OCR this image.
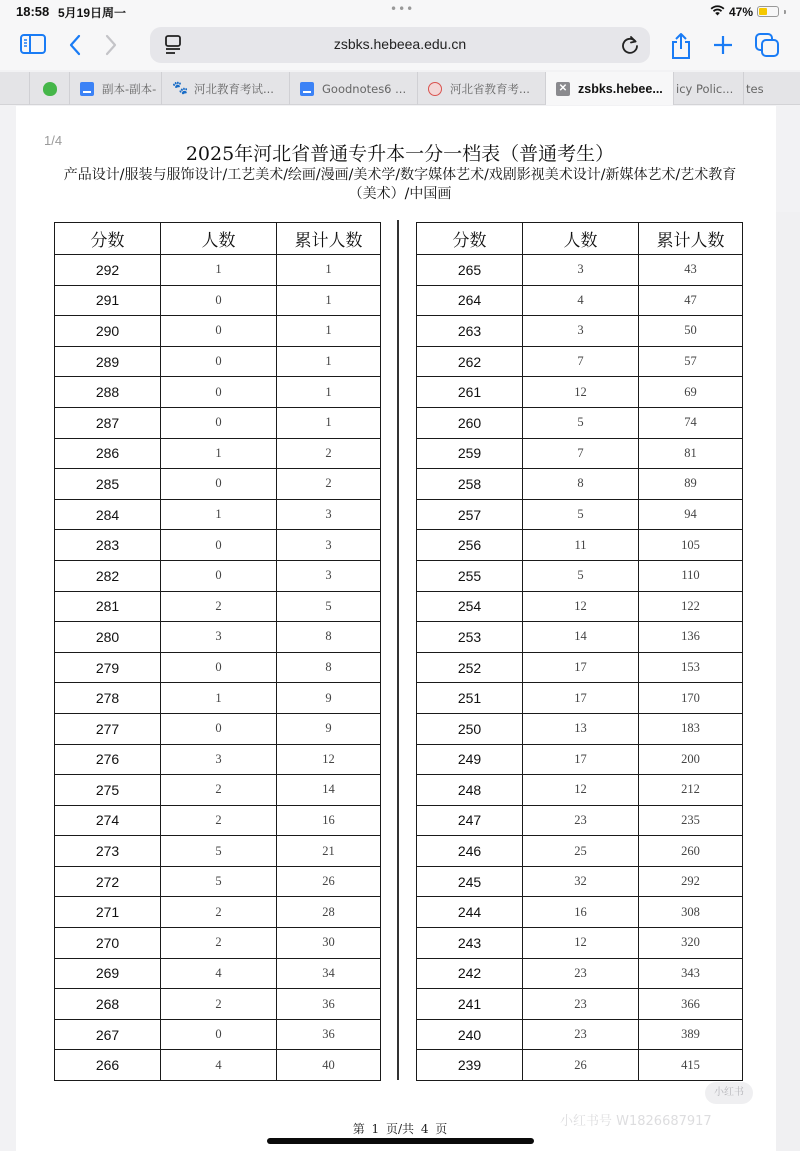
18:58 5月19日周一	•••	47%
zsbks.hebeea.edu.cn
副本-副本- 🐾 河北教育考试...	Goodnotes6 ...	河北省教育考...	✕ zsbks.hebee... icy Polic... tes
1/4
2025年河北省普通专升本一分一档表（普通考生）
产品设计/服装与服饰设计/工艺美术/绘画/漫画/美术学/数字媒体艺术/戏剧影视美术设计/新媒体艺术/艺术教育（美术）/中国画
分数	人数	累计人数
292	1	1
291	0	1
290	0	1
289	0	1
288	0	1
287	0	1
286	1	2
285	0	2
284	1	3
283	0	3
282	0	3
281	2	5
280	3	8
279	0	8
278	1	9
277	0	9
276	3	12
275	2	14
274	2	16
273	5	21
272	5	26
271	2	28
270	2	30
269	4	34
268	2	36
267	0	36
266	4	40
分数	人数	累计人数
265	3	43
264	4	47
263	3	50
262	7	57
261	12	69
260	5	74
259	7	81
258	8	89
257	5	94
256	11	105
255	5	110
254	12	122
253	14	136
252	17	153
251	17	170
250	13	183
249	17	200
248	12	212
247	23	235
246	25	260
245	32	292
244	16	308
243	12	320
242	23	343
241	23	366
240	23	389
239	26	415
小红书
第 1 页/共 4 页	小红书号 W1826687917
